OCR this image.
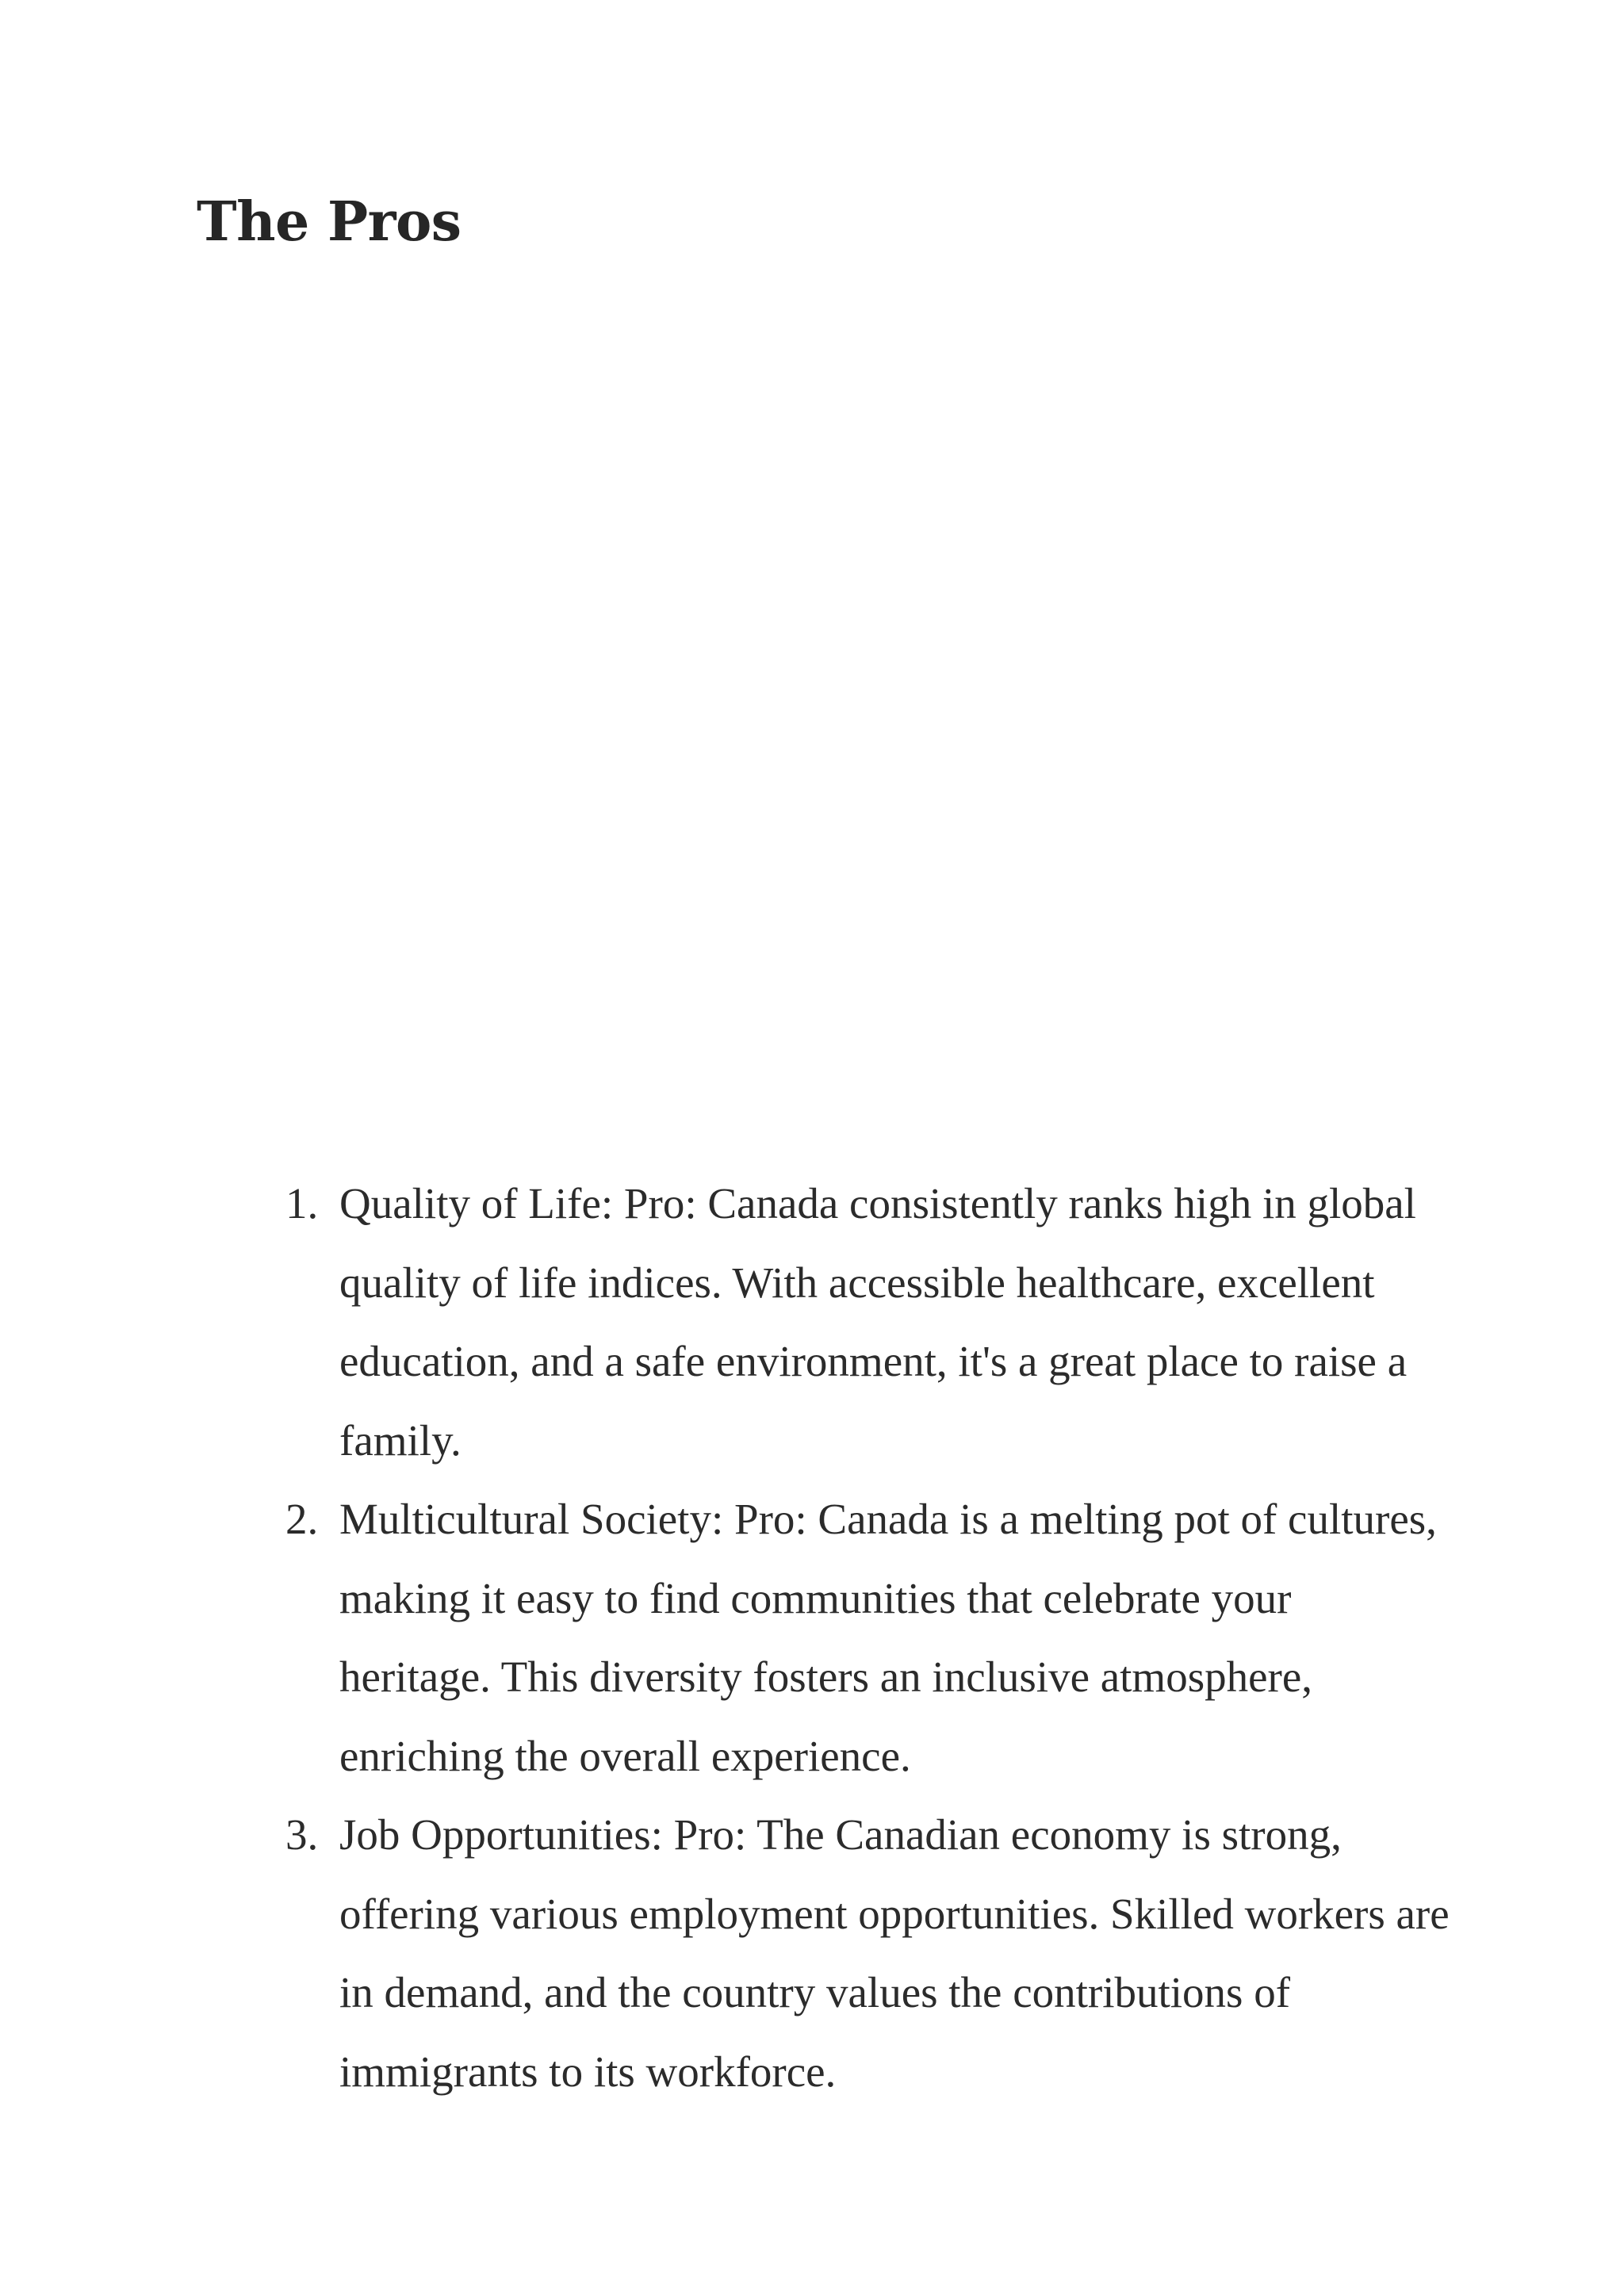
The Pros
1. Quality of Life: Pro: Canada consistently ranks high in global quality of life indices. With accessible healthcare, excellent education, and a safe environment, it's a great place to raise a family.
2. Multicultural Society: Pro: Canada is a melting pot of cultures, making it easy to find communities that celebrate your heritage. This diversity fosters an inclusive atmosphere, enriching the overall experience.
3. Job Opportunities: Pro: The Canadian economy is strong, offering various employment opportunities. Skilled workers are in demand, and the country values the contributions of immigrants to its workforce.
